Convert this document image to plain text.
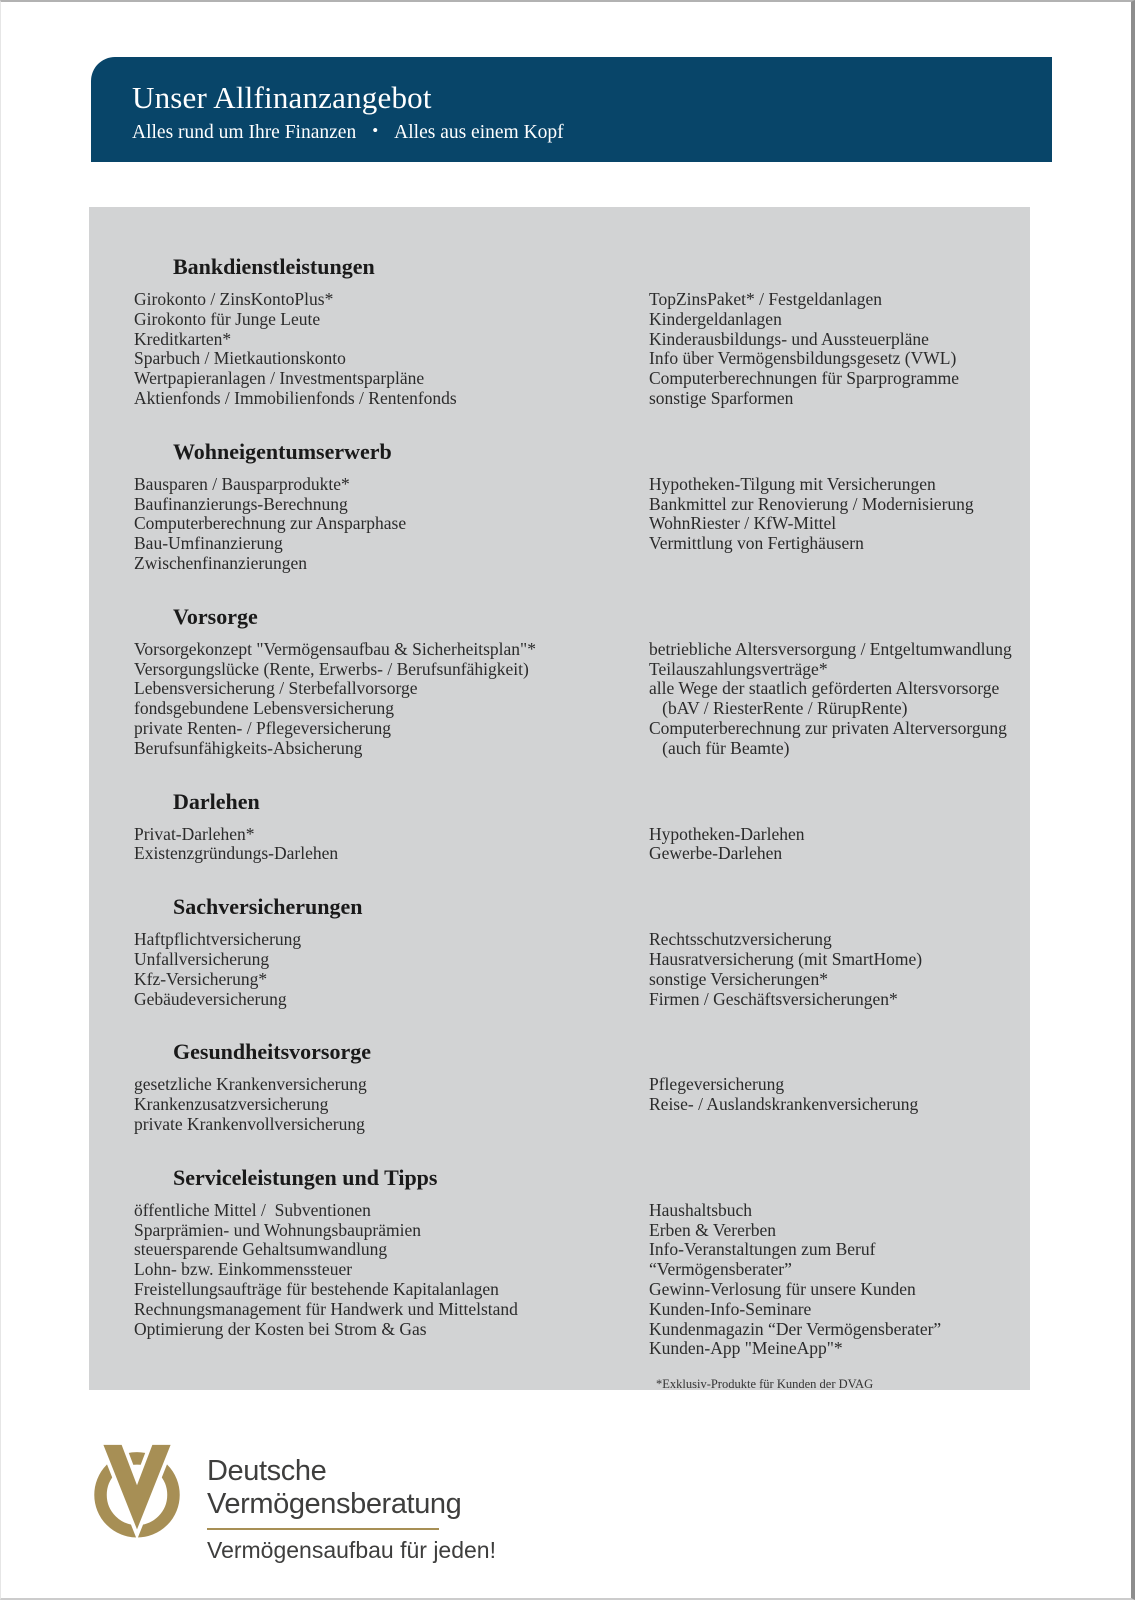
Unser Allfinanzangebot
Alles rund um Ihre Finanzen • Alles aus einem Kopf
Bankdienstleistungen
Girokonto / ZinsKontoPlus*
Girokonto für Junge Leute
Kreditkarten*
Sparbuch / Mietkautionskonto
Wertpapieranlagen / Investmentsparpläne
Aktienfonds / Immobilienfonds / Rentenfonds
TopZinsPaket* / Festgeldanlagen
Kindergeldanlagen
Kinderausbildungs- und Aussteuerpläne
Info über Vermögensbildungsgesetz (VWL)
Computerberechnungen für Sparprogramme
sonstige Sparformen
Wohneigentumserwerb
Bausparen / Bausparprodukte*
Baufinanzierungs-Berechnung
Computerberechnung zur Ansparphase
Bau-Umfinanzierung
Zwischenfinanzierungen
Hypotheken-Tilgung mit Versicherungen
Bankmittel zur Renovierung / Modernisierung
WohnRiester / KfW-Mittel
Vermittlung von Fertighäusern
Vorsorge
Vorsorgekonzept "Vermögensaufbau & Sicherheitsplan"*
Versorgungslücke (Rente, Erwerbs- / Berufsunfähigkeit)
Lebensversicherung / Sterbefallvorsorge
fondsgebundene Lebensversicherung
private Renten- / Pflegeversicherung
Berufsunfähigkeits-Absicherung
betriebliche Altersversorgung / Entgeltumwandlung
Teilauszahlungsverträge*
alle Wege der staatlich geförderten Altersvorsorge
(bAV / RiesterRente / RürupRente)
Computerberechnung zur privaten Alterversorgung
(auch für Beamte)
Darlehen
Privat-Darlehen*
Existenzgründungs-Darlehen
Hypotheken-Darlehen
Gewerbe-Darlehen
Sachversicherungen
Haftpflichtversicherung
Unfallversicherung
Kfz-Versicherung*
Gebäudeversicherung
Rechtsschutzversicherung
Hausratversicherung (mit SmartHome)
sonstige Versicherungen*
Firmen / Geschäftsversicherungen*
Gesundheitsvorsorge
gesetzliche Krankenversicherung
Krankenzusatzversicherung
private Krankenvollversicherung
Pflegeversicherung
Reise- / Auslandskrankenversicherung
Serviceleistungen und Tipps
öffentliche Mittel /  Subventionen
Sparprämien- und Wohnungsbauprämien
steuersparende Gehaltsumwandlung
Lohn- bzw. Einkommenssteuer
Freistellungsaufträge für bestehende Kapitalanlagen
Rechnungsmanagement für Handwerk und Mittelstand
Optimierung der Kosten bei Strom & Gas
Haushaltsbuch
Erben & Vererben
Info-Veranstaltungen zum Beruf “Vermögensberater”
Gewinn-Verlosung für unsere Kunden
Kunden-Info-Seminare
Kundenmagazin “Der Vermögensberater”
Kunden-App "MeineApp"*
*Exklusiv-Produkte für Kunden der DVAG
Deutsche
Vermögensberatung
Vermögensaufbau für jeden!
